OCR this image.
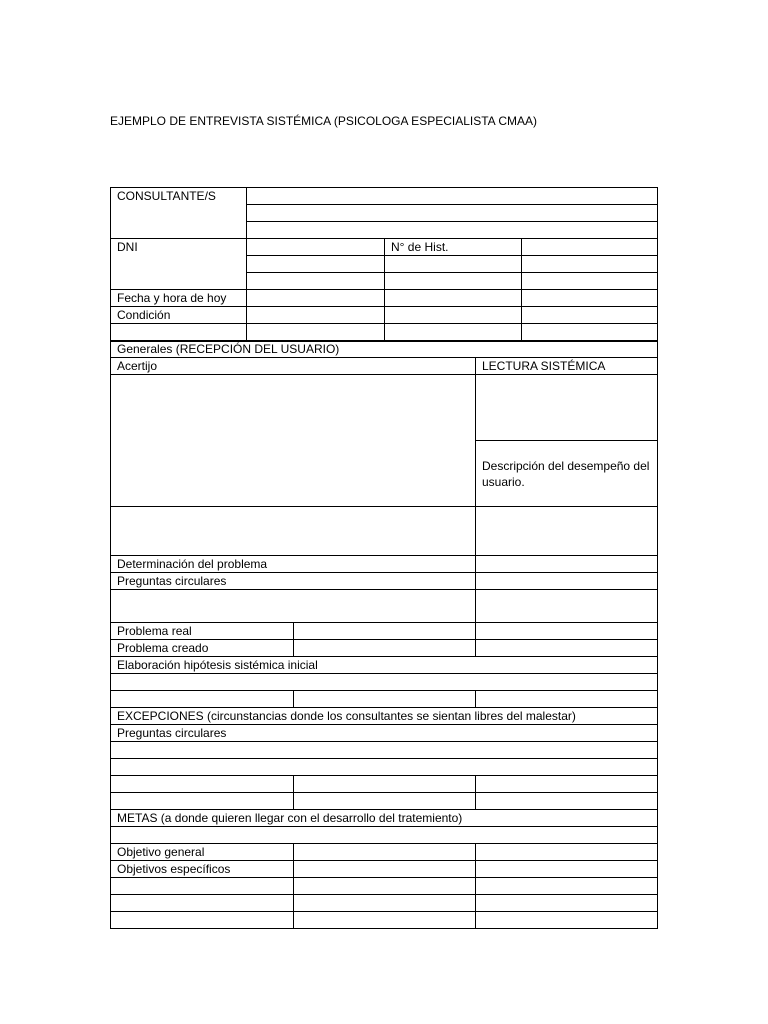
EJEMPLO DE ENTREVISTA SISTÉMICA (PSICOLOGA ESPECIALISTA CMAA)
CONSULTANTE/S
DNI	N° de Hist.
Fecha y hora de hoy
Condición
Generales (RECEPCIÓN DEL USUARIO)
Acertijo	LECTURA SISTÉMICA
Descripción del desempeño del usuario.
Determinación del problema
Preguntas circulares
Problema real
Problema creado
Elaboración hipótesis sistémica inicial
EXCEPCIONES (circunstancias donde los consultantes se sientan libres del malestar)
Preguntas circulares
METAS (a donde quieren llegar con el desarrollo del tratemiento)
Objetivo general
Objetivos específicos
